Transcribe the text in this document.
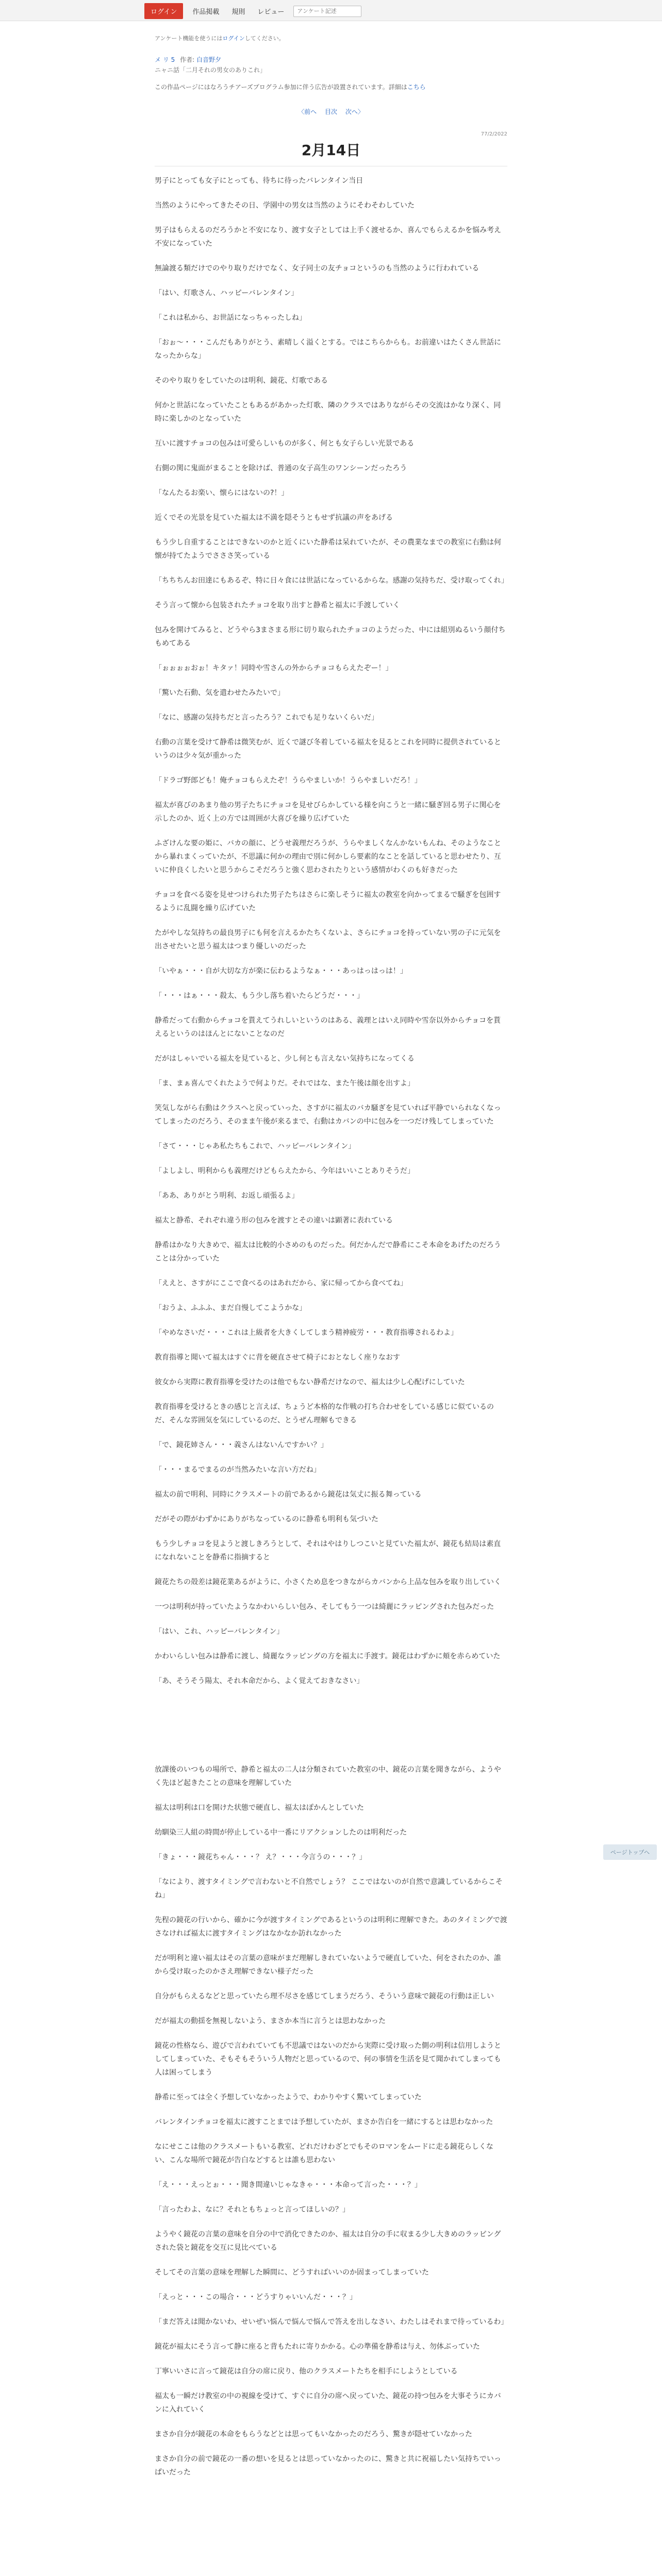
ログイン	作品掲載	規則	レビュー
アンケート記述
アンケート機能を使うにはログインしてください。
メ リ 5 作者: 白音野夕
ニャニ話「二月それの男女のありこれ」
この作品ページにはなろうチアーズプログラム参加に伴う広告が設置されています。詳細はこちら
〈前へ 目次 次へ〉
77/2/2022
2月14日

男子にとっても女子にとっても、待ちに待ったバレンタイン当日

当然のようにやってきたその日、学園中の男女は当然のようにそわそわしていた

男子はもらえるのだろうかと不安になり、渡す女子としては上手く渡せるか、喜んでもらえるかを悩み考え不安になっていた

無論渡る類だけでのやり取りだけでなく、女子同士の友チョコというのも当然のように行われている

「はい、灯歌さん、ハッピーバレンタイン」

「これは私から、お世話になっちゃったしね」

「おぉ～・・・こんだもありがとう、素晴しく溢くとする。ではこちらからも。お前違いはたくさん世話になったからな」

そのやり取りをしていたのは明利、鏡花、灯歌である

何かと世話になっていたこともあるがあかった灯歌、隣のクラスではありながらその交流はかなり深く、同時に楽しかのとなっていた

互いに渡すチョコの包みは可愛らしいものが多く、何とも女子らしい光景である

右側の関に鬼面がまることを除けば、普通の女子高生のワンシーンだったろう

「なんたるお楽い、懐らにはないの?！」

近くでその光景を見ていた福太は不満を隠そうともせず抗議の声をあげる

もう少し自重することはできないのかと近くにいた静希は呆れていたが、その農業なまでの教室に右動は何懐が持てたようでさささ笑っている

「ちちちんお田達にもあるぞ、特に日々食には世話になっているからな。感謝の気持ちだ、受け取ってくれ」

そう言って懐から包装されたチョコを取り出すと静希と福太に手渡していく

包みを開けてみると、どうやら3まさまる形に切り取られたチョコのようだった、中には組別ぬるいう顔付ちもめてある

「ぉぉぉぉおぉ！キタァ！同時や雪さんの外からチョコもらえたぞー！」

「驚いた石動、気を遣わせたみたいで」

「なに、感謝の気持ちだと言ったろう？これでも足りないくらいだ」

右動の言葉を受けて静希は微笑むが、近くで謎び冬着している福太を見るとこれを同時に提供されているというのは少々気が重かった

「ドラゴ野郎ども！俺チョコもらえたぞ！うらやましいか！うらやましいだろ！」

福太が喜びのあまり他の男子たちにチョコを見せびらかしている様を向こうと一緒に騒ぎ回る男子に関心を示したのか、近く上の方では周囲が大喜びを繰り広げていた

ふざけんな要の姫に、バカの顔に、どうせ義理だろうが、うらやましくなんかないもんね、そのようなことから暴れまくっていたが、不思議に何かの理由で別に何かしら要素的なことを話していると思わせたり、互いに仲良くしたいと思うからこそだろうと強く思わされたりという感情がわくのも好きだった

チョコを食べる姿を見せつけられた男子たちはさらに楽しそうに福太の教室を向かってまるで騒ぎを包囲するように乱闘を繰り広げていた

たがやしな気持ちの最良男子にも何を言えるかたちくないよ、さらにチョコを持っていない男の子に元気を出させたいと思う福太はつまり優しいのだった

「いやぁ・・・自が大切な方が楽に伝わるようなぁ・・・あっはっはっは！」

「・・・はぁ・・・殺太、もう少し落ち着いたらどうだ・・・」

静希だって右動からチョコを貰えてうれしいというのはある、義理とはいえ同時や雪奈以外からチョコを貰えるというのはほんとにないことなのだ

だがはしゃいでいる福太を見ていると、少し何とも言えない気持ちになってくる

「ま、まぁ喜んでくれたようで何よりだ。それではな、また午後は顔を出すよ」

笑気しながら右動はクラスへと戻っていった、さすがに福太のバカ騒ぎを見ていれば平静でいられなくなってしまったのだろう、そのまま午後が来るまで、右動はカバンの中に包みを一つだけ残してしまっていた

「さて・・・じゃあ私たちもこれで、ハッピーバレンタイン」

「よしよし、明利からも義理だけどもらえたから、今年はいいことありそうだ」

「ああ、ありがとう明利、お返し頑張るよ」

福太と静希、それぞれ違う形の包みを渡すとその違いは顕著に表れている

静希はかなり大きめで、福太は比較的小さめのものだった。何だかんだで静希にこそ本命をあげたのだろうことは分かっていた

「ええと、さすがにここで食べるのはあれだから、家に帰ってから食べてね」

「おうよ、ふふふ、まだ自慢してこようかな」

「やめなさいだ・・・これは上級者を大きくしてしまう精神疲労・・・教育指導されるわよ」

教育指導と聞いて福太はすぐに背を硬直させて椅子におとなしく座りなおす

彼女から実際に教育指導を受けたのは他でもない静希だけなので、福太は少し心配げにしていた

教育指導を受けるときの感じと言えば、ちょうど本格的な作戦の打ち合わせをしている感じに似ているのだ、そんな雰囲気を気にしているのだ、とうぜん理解もできる

「で、鏡花姉さん・・・義さんはないんですかい？」

「・・・まるでまるのが当然みたいな言い方だね」

福太の前で明利、同時にクラスメートの前であるから鏡花は気丈に振る舞っている

だがその際がわずかにありがちなっているのに静希も明利も気づいた

もう少しチョコを見ようと渡しきろうとして、それはやはりしつこいと見ていた福太が、鏡花も結局は素直になれないことを静希に指摘すると

鏡花たちの殻差は鏡花業あるがように、小さくため息をつきながらカバンから上品な包みを取り出していく

一つは明利が持っていたようなかわいらしい包み、そしてもう一つは綺麗にラッピングされた包みだった

「はい、これ、ハッピーバレンタイン」

かわいらしい包みは静希に渡し、綺麗なラッピングの方を福太に手渡す。鏡花はわずかに頬を赤らめていた

「あ、そうそう陽太、それ本命だから、よく覚えておきなさい」

放課後のいつもの場所で、静希と福太の二人は分類されていた教室の中、鏡花の言葉を聞きながら、ようやく先ほど起きたことの意味を理解していた

福太は明利は口を開けた状態で硬直し、福太はぽかんとしていた

幼馴染三人組の時間が停止している中一番にリアクションしたのは明利だった

「きょ・・・鏡花ちゃん・・・？ え？・・・今言うの・・・？」

「なにより、渡すタイミングで言わないと不自然でしょう？ ここではないのが自然で意識しているからこそね」

先程の鏡花の行いから、確かに今が渡すタイミングであるというのは明利に理解できた。あのタイミングで渡さなければ福太に渡すタイミングはなかなか訪れなかった

だが明利と違い福太はその言葉の意味がまだ理解しきれていないようで硬直していた、何をされたのか、誰から受け取ったのかさえ理解できない様子だった

自分がもらえるなどと思っていたら理不尽さを感じてしまうだろう、そういう意味で鏡花の行動は正しい

だが福太の動揺を無視しないよう、まさか本当に言うとは思わなかった

鏡花の性格なら、遊びで言われていても不思議ではないのだから実際に受け取った側の明利は信用しようとしてしまっていた、そもそもそういう人物だと思っているので、何の事情を生活を見て聞かれてしまっても人は困ってしまう

静希に至っては全く予想していなかったようで、わかりやすく驚いてしまっていた

バレンタインチョコを福太に渡すことまでは予想していたが、まさか告白を一緒にするとは思わなかった

なにせここは他のクラスメートもいる教室、どれだけわざとでもそのロマンをムードに走る鏡花らしくない、こんな場所で鏡花が告白などするとは誰も思わない

「え・・・えっとぉ・・・聞き間違いじゃなきゃ・・・本命って言った・・・？」

「言ったわよ、なに？それともちょっと言ってほしいの？」

ようやく鏡花の言葉の意味を自分の中で消化できたのか、福太は自分の手に収まる少し大きめのラッピングされた袋と鏡花を交互に見比べている

そしてその言葉の意味を理解した瞬間に、どうすればいいのか固まってしまっていた

「えっと・・・この場合・・・どうすりゃいいんだ・・・？」

「まだ答えは聞かないわ、せいぜい悩んで悩んで悩んで答えを出しなさい、わたしはそれまで待っているわ」

鏡花が福太にそう言って静に座ると背もたれに寄りかかる。心の準備を静希は与え、勿体ぶっていた

丁寧いいさに言って鏡花は自分の席に戻り、他のクラスメートたちを相手にしようとしている

福太も一瞬だけ教室の中の視線を受けて、すぐに自分の席へ戻っていた、鏡花の持つ包みを大事そうにカバンに入れていく

まさか自分が鏡花の本命をもらうなどとは思ってもいなかったのだろう、驚きが隠せていなかった

まさか自分の前で鏡花の一番の想いを見るとは思っていなかったのに、驚きと共に祝福したい気持ちでいっぱいだった

ページトップへ
